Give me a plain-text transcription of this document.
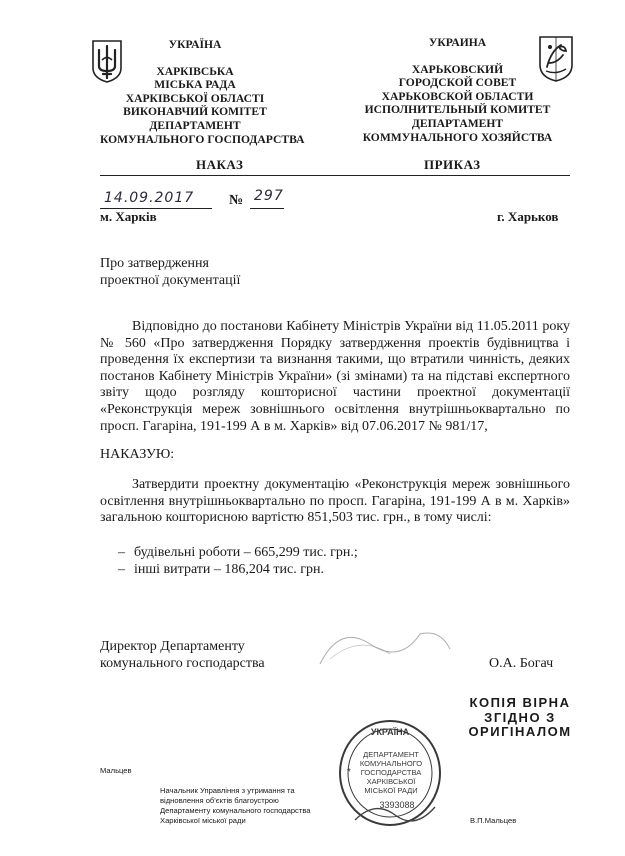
УКРАЇНА
ХАРКІВСЬКА
МІСЬКА РАДА
ХАРКІВСЬКОЇ ОБЛАСТІ
ВИКОНАВЧИЙ КОМІТЕТ
ДЕПАРТАМЕНТ
КОМУНАЛЬНОГО ГОСПОДАРСТВА
УКРАИНА
ХАРЬКОВСКИЙ
ГОРОДСКОЙ СОВЕТ
ХАРЬКОВСКОЙ ОБЛАСТИ
ИСПОЛНИТЕЛЬНЫЙ КОМИТЕТ
ДЕПАРТАМЕНТ
КОММУНАЛЬНОГО ХОЗЯЙСТВА
НАКАЗ	ПРИКАЗ
14.09.2017 № 297
м. Харків	г. Харьков
Про затвердження
проектної документації
Відповідно до постанови Кабінету Міністрів України від 11.05.2011 року № 560 «Про затвердження Порядку затвердження проектів будівництва і проведення їх експертизи та визнання такими, що втратили чинність, деяких постанов Кабінету Міністрів України» (зі змінами) та на підставі експертного звіту щодо розгляду кошторисної частини проектної документації «Реконструкція мереж зовнішнього освітлення внутрішньоквартально по просп. Гагаріна, 191-199 А в м. Харків» від 07.06.2017 № 981/17,
НАКАЗУЮ:
Затвердити проектну документацію «Реконструкція мереж зовнішнього освітлення внутрішньоквартально по просп. Гагаріна, 191-199 А в м. Харків» загальною кошторисною вартістю 851,503 тис. грн., в тому числі:
– будівельні роботи – 665,299 тис. грн.;
– інші витрати – 186,204 тис. грн.
Директор Департаменту
комунального господарства	О.А. Богач
КОПІЯ ВІРНА
ЗГІДНО З
ОРИГІНАЛОМ
УКРАЇНА
ДЕПАРТАМЕНТ
КОМУНАЛЬНОГО
ГОСПОДАРСТВА
ХАРКІВСЬКОЇ
МІСЬКОЇ РАДИ
3393088
*
Мальцев
Начальник Управління з утримання та
відновлення об'єктів благоустрою
Департаменту комунального господарства
Харківської міської ради	В.П.Мальцев
